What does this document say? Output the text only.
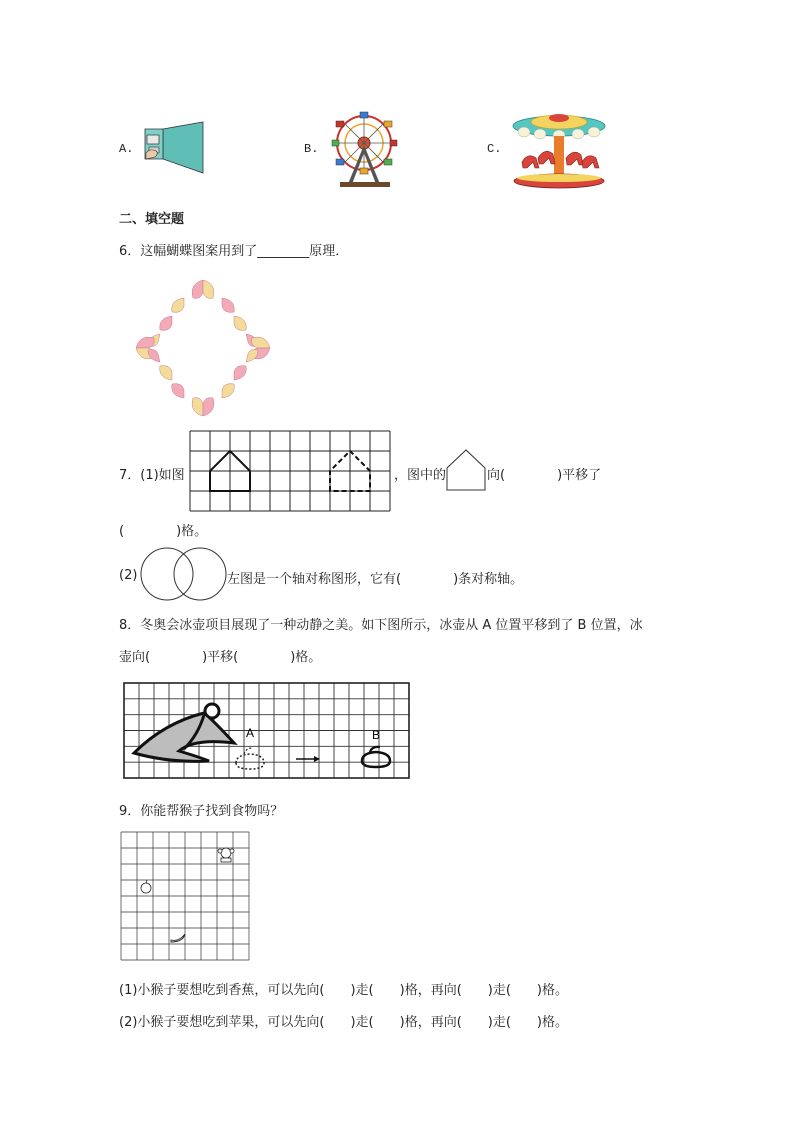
A.	B.	C.
二、填空题
6．这幅蝴蝶图案用到了________原理．
7．(1)如图	，图中的	向(　　　　)平移了
(　　　　)格。
(2)	左图是一个轴对称图形，它有(　　　　)条对称轴。
8．冬奥会冰壶项目展现了一种动静之美。如下图所示，冰壶从 A 位置平移到了 B 位置，冰
壶向(　　　　)平移(　　　　)格。
A	B
9．你能帮猴子找到食物吗？
(1)小猴子要想吃到香蕉，可以先向(　　)走(　　)格，再向(　　)走(　　)格。
(2)小猴子要想吃到苹果，可以先向(　　)走(　　)格，再向(　　)走(　　)格。
